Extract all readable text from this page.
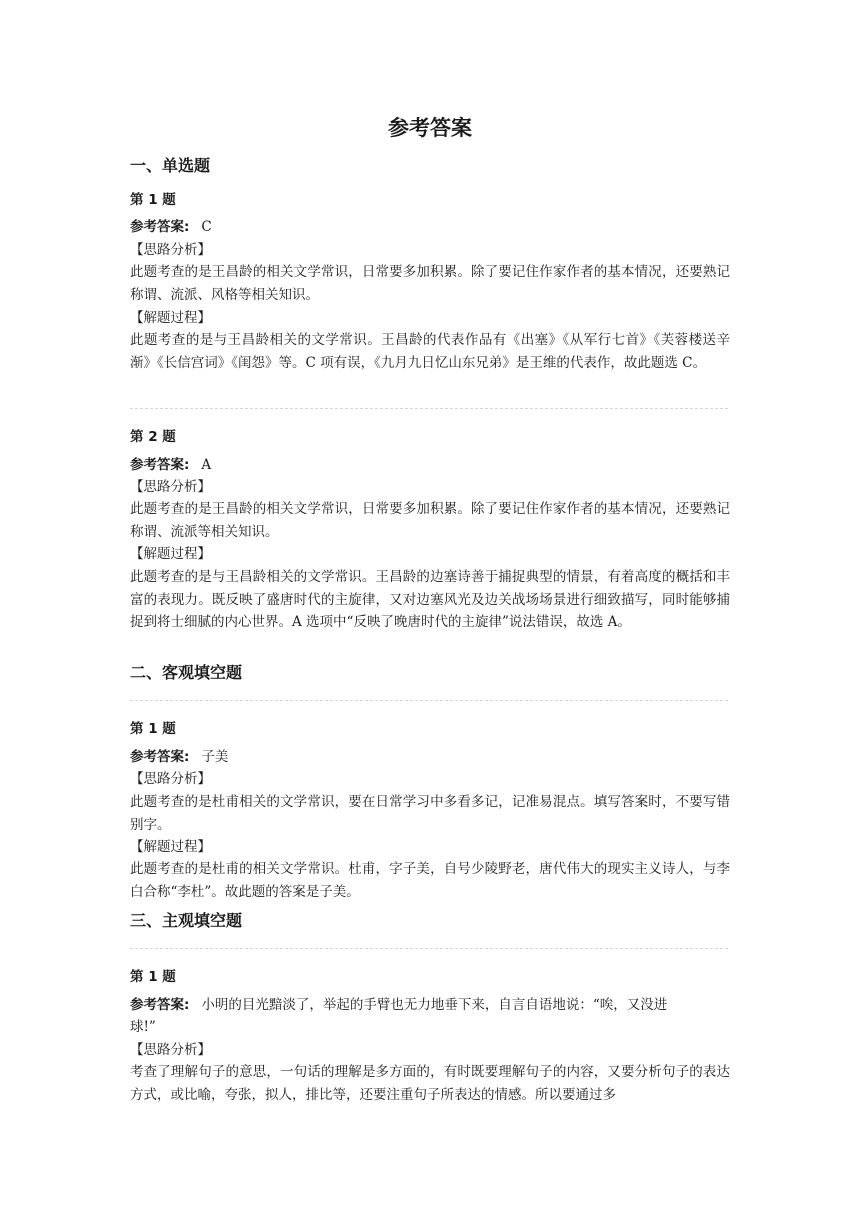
参考答案
一、单选题
第 1 题
参考答案: C
【思路分析】
此题考查的是王昌龄的相关文学常识，日常要多加积累。除了要记住作家作者的基本情况，还要熟记称谓、流派、风格等相关知识。
【解题过程】
此题考查的是与王昌龄相关的文学常识。王昌龄的代表作品有《出塞》《从军行七首》《芙蓉楼送辛渐》《长信宫词》《闺怨》等。C 项有误，《九月九日忆山东兄弟》是王维的代表作，故此题选 C。
第 2 题
参考答案: A
【思路分析】
此题考查的是王昌龄的相关文学常识，日常要多加积累。除了要记住作家作者的基本情况，还要熟记称谓、流派等相关知识。
【解题过程】
此题考查的是与王昌龄相关的文学常识。王昌龄的边塞诗善于捕捉典型的情景，有着高度的概括和丰富的表现力。既反映了盛唐时代的主旋律，又对边塞风光及边关战场场景进行细致描写，同时能够捕捉到将士细腻的内心世界。A 选项中“反映了晚唐时代的主旋律”说法错误，故选 A。
二、客观填空题
第 1 题
参考答案: 子美
【思路分析】
此题考查的是杜甫相关的文学常识，要在日常学习中多看多记，记准易混点。填写答案时，不要写错别字。
【解题过程】
此题考查的是杜甫的相关文学常识。杜甫，字子美，自号少陵野老，唐代伟大的现实主义诗人，与李白合称“李杜”。故此题的答案是子美。
三、主观填空题
第 1 题
参考答案: 小明的目光黯淡了，举起的手臂也无力地垂下来，自言自语地说：“唉，又没进
球!”
【思路分析】
考查了理解句子的意思，一句话的理解是多方面的，有时既要理解句子的内容，又要分析句子的表达方式，或比喻，夸张，拟人，排比等，还要注重句子所表达的情感。所以要通过多
